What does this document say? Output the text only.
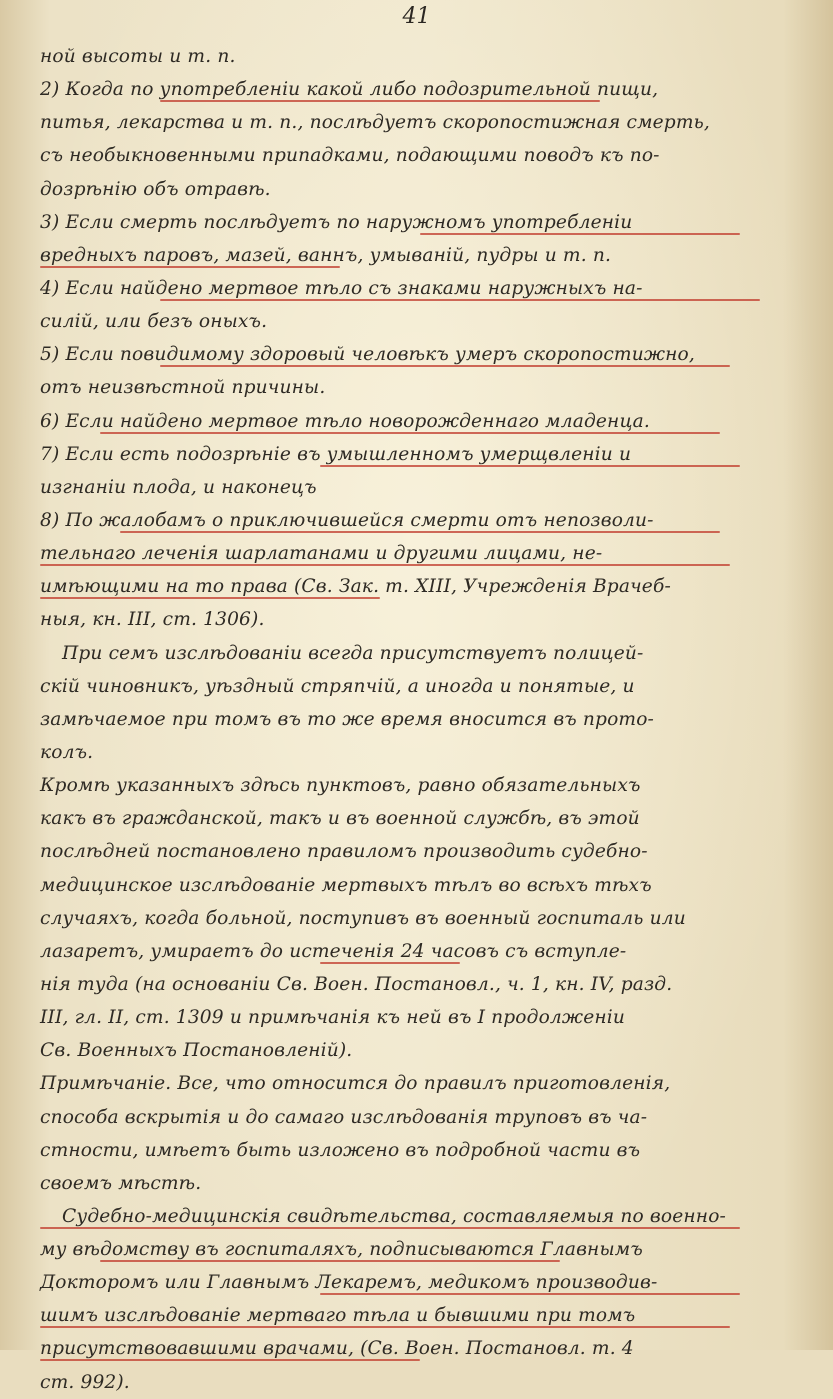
41
ной высоты и т. п.
2) Когда по употребленіи какой либо подозрительной пищи,
питья, лекарства и т. п., послѣдуетъ скоропостижная смерть,
съ необыкновенными припадками, подающими поводъ къ по-
дозрѣнію объ отравѣ.
3) Если смерть послѣдуетъ по наружномъ употребленіи
вредныхъ паровъ, мазей, ваннъ, умываній, пудры и т. п.
4) Если найдено мертвое тѣло съ знаками наружныхъ на-
силій, или безъ оныхъ.
5) Если повидимому здоровый человѣкъ умеръ скоропостижно,
отъ неизвѣстной причины.
6) Если найдено мертвое тѣло новорожденнаго младенца.
7) Если есть подозрѣніе въ умышленномъ умерщвленіи и
изгнаніи плода, и наконецъ
8) По жалобамъ о приключившейся смерти отъ непозволи-
тельнаго леченія шарлатанами и другими лицами, не-
имѣющими на то права (Св. Зак. т. XIII, Учрежденія Врачеб-
ныя, кн. III, ст. 1306).
При семъ изслѣдованіи всегда присутствуетъ полицей-
скій чиновникъ, уѣздный стряпчій, а иногда и понятые, и
замѣчаемое при томъ въ то же время вносится въ прото-
колъ.
Кромѣ указанныхъ здѣсь пунктовъ, равно обязательныхъ
какъ въ гражданской, такъ и въ военной службѣ, въ этой
послѣдней постановлено правиломъ производить судебно-
медицинское изслѣдованіе мертвыхъ тѣлъ во всѣхъ тѣхъ
случаяхъ, когда больной, поступивъ въ военный госпиталь или
лазаретъ, умираетъ до истеченія 24 часовъ съ вступле-
нія туда (на основаніи Св. Воен. Постановл., ч. 1, кн. IV, разд.
III, гл. II, ст. 1309 и примѣчанія къ ней въ I продолженіи
Св. Военныхъ Постановленій).
Примѣчаніе. Все, что относится до правилъ приготовленія,
способа вскрытія и до самаго изслѣдованія труповъ въ ча-
стности, имѣетъ быть изложено въ подробной части въ
своемъ мѣстѣ.
Судебно-медицинскія свидѣтельства, составляемыя по военно-
му вѣдомству въ госпиталяхъ, подписываются Главнымъ
Докторомъ или Главнымъ Лекаремъ, медикомъ производив-
шимъ изслѣдованіе мертваго тѣла и бывшими при томъ
присутствовавшими врачами, (Св. Воен. Постановл. т. 4
ст. 992).
